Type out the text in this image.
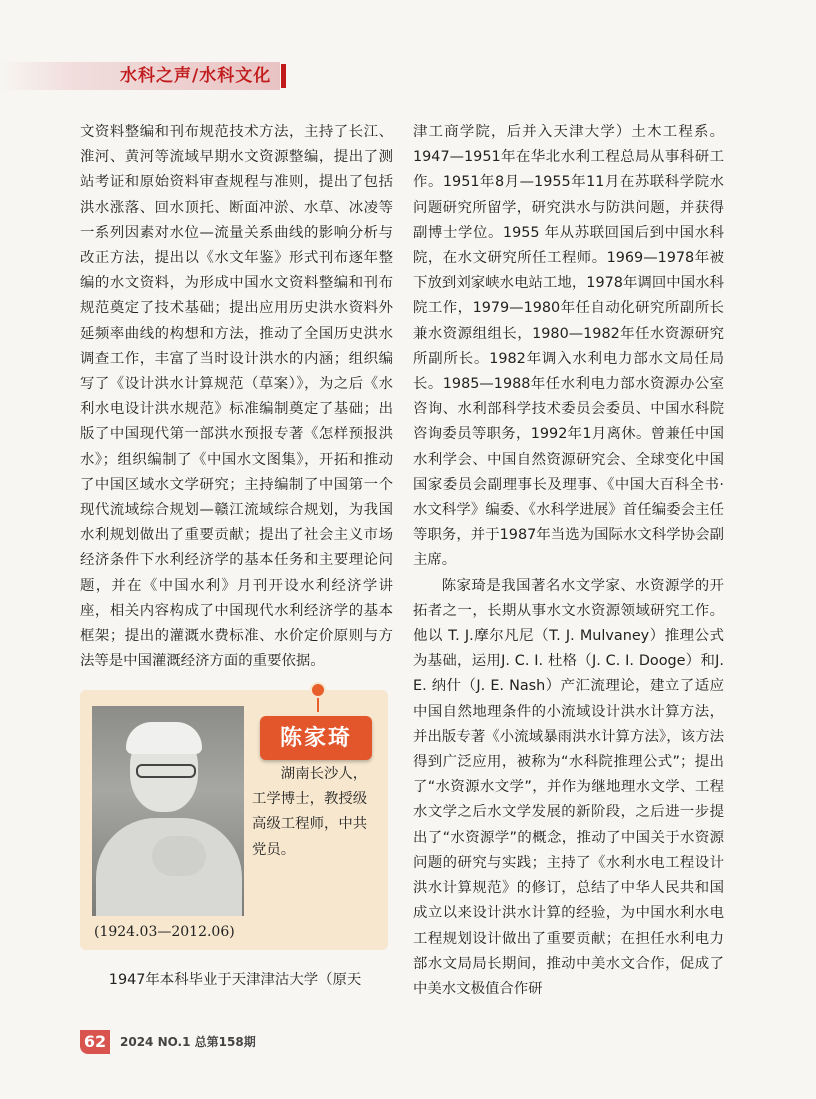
水科之声/水科文化

文资料整编和刊布规范技术方法，主持了长江、淮河、黄河等流域早期水文资源整编，提出了测站考证和原始资料审查规程与准则，提出了包括洪水涨落、回水顶托、断面冲淤、水草、冰凌等一系列因素对水位—流量关系曲线的影响分析与改正方法，提出以《水文年鉴》形式刊布逐年整编的水文资料，为形成中国水文资料整编和刊布规范奠定了技术基础；提出应用历史洪水资料外延频率曲线的构想和方法，推动了全国历史洪水调查工作，丰富了当时设计洪水的内涵；组织编写了《设计洪水计算规范（草案）》，为之后《水利水电设计洪水规范》标准编制奠定了基础；出版了中国现代第一部洪水预报专著《怎样预报洪水》；组织编制了《中国水文图集》，开拓和推动了中国区域水文学研究；主持编制了中国第一个现代流域综合规划—赣江流域综合规划，为我国水利规划做出了重要贡献；提出了社会主义市场经济条件下水利经济学的基本任务和主要理论问题，并在《中国水利》月刊开设水利经济学讲座，相关内容构成了中国现代水利经济学的基本框架；提出的灌溉水费标准、水价定价原则与方法等是中国灌溉经济方面的重要依据。

陈家琦

湖南长沙人，工学博士，教授级高级工程师，中共党员。

(1924.03—2012.06)
1947年本科毕业于天津津沽大学（原天

津工商学院，后并入天津大学）土木工程系。1947—1951年在华北水利工程总局从事科研工作。1951年8月—1955年11月在苏联科学院水问题研究所留学，研究洪水与防洪问题，并获得副博士学位。1955 年从苏联回国后到中国水科院，在水文研究所任工程师。1969—1978年被下放到刘家峡水电站工地，1978年调回中国水科院工作，1979—1980年任自动化研究所副所长兼水资源组组长，1980—1982年任水资源研究所副所长。1982年调入水利电力部水文局任局长。1985—1988年任水利电力部水资源办公室咨询、水利部科学技术委员会委员、中国水科院咨询委员等职务，1992年1月离休。曾兼任中国水利学会、中国自然资源研究会、全球变化中国国家委员会副理事长及理事、《中国大百科全书·水文科学》编委、《水科学进展》首任编委会主任等职务，并于1987年当选为国际水文科学协会副主席。

陈家琦是我国著名水文学家、水资源学的开拓者之一，长期从事水文水资源领域研究工作。他以 T. J.摩尔凡尼（T. J. Mulvaney）推理公式为基础，运用J. C. I. 杜格（J. C. I. Dooge）和J. E. 纳什（J. E. Nash）产汇流理论，建立了适应中国自然地理条件的小流域设计洪水计算方法，并出版专著《小流域暴雨洪水计算方法》，该方法得到广泛应用，被称为“水科院推理公式”；提出了“水资源水文学”，并作为继地理水文学、工程水文学之后水文学发展的新阶段，之后进一步提出了“水资源学”的概念，推动了中国关于水资源问题的研究与实践；主持了《水利水电工程设计洪水计算规范》的修订，总结了中华人民共和国成立以来设计洪水计算的经验，为中国水利水电工程规划设计做出了重要贡献；在担任水利电力部水文局局长期间，推动中美水文合作，促成了中美水文极值合作研

62	2024 NO.1 总第158期
